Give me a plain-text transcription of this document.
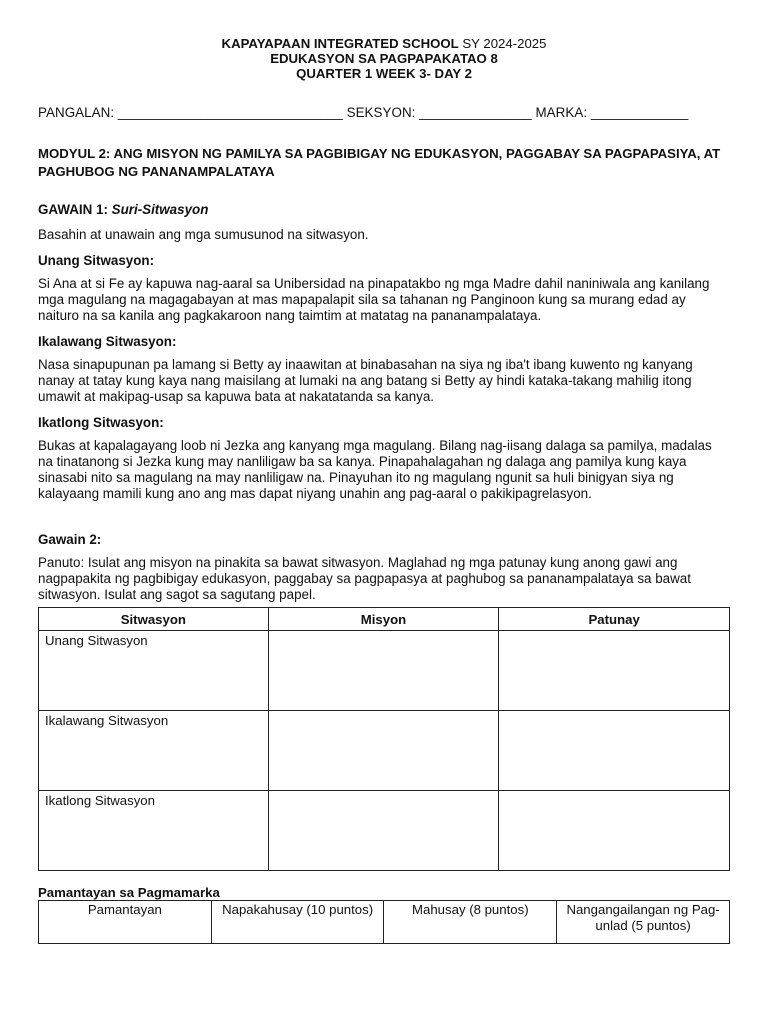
KAPAYAPAAN INTEGRATED SCHOOL SY 2024-2025
EDUKASYON SA PAGPAPAKATAO 8
QUARTER 1 WEEK 3- DAY 2
PANGALAN: ______________________________ SEKSYON: _______________ MARKA: _____________
MODYUL 2: ANG MISYON NG PAMILYA SA PAGBIBIGAY NG EDUKASYON, PAGGABAY SA PAGPAPASIYA, AT PAGHUBOG NG PANANAMPALATAYA
GAWAIN 1: Suri-Sitwasyon

Basahin at unawain ang mga sumusunod na sitwasyon.

Unang Sitwasyon:

Si Ana at si Fe ay kapuwa nag-aaral sa Unibersidad na pinapatakbo ng mga Madre dahil naniniwala ang kanilang mga magulang na magagabayan at mas mapapalapit sila sa tahanan ng Panginoon kung sa murang edad ay naituro na sa kanila ang pagkakaroon nang taimtim at matatag na pananampalataya.

Ikalawang Sitwasyon:

Nasa sinapupunan pa lamang si Betty ay inaawitan at binabasahan na siya ng iba't ibang kuwento ng kanyang nanay at tatay kung kaya nang maisilang at lumaki na ang batang si Betty ay hindi kataka-takang mahilig itong umawit at makipag-usap sa kapuwa bata at nakatatanda sa kanya.

Ikatlong Sitwasyon:

Bukas at kapalagayang loob ni Jezka ang kanyang mga magulang. Bilang nag-iisang dalaga sa pamilya, madalas na tinatanong si Jezka kung may nanliligaw ba sa kanya. Pinapahalagahan ng dalaga ang pamilya kung kaya sinasabi nito sa magulang na may nanliligaw na. Pinayuhan ito ng magulang ngunit sa huli binigyan siya ng kalayaang mamili kung ano ang mas dapat niyang unahin ang pag-aaral o pakikipagrelasyon.

Gawain 2:

Panuto: Isulat ang misyon na pinakita sa bawat sitwasyon. Maglahad ng mga patunay kung anong gawi ang nagpapakita ng pagbibigay edukasyon, paggabay sa pagpapasya at paghubog sa pananampalataya sa bawat sitwasyon. Isulat ang sagot sa sagutang papel.

Sitwasyon	Misyon	Patunay
Unang Sitwasyon		
Ikalawang Sitwasyon		
Ikatlong Sitwasyon		
Pamantayan sa Pagmamarka
Pamantayan	Napakahusay (10 puntos)	Mahusay (8 puntos)	Nangangailangan ng Pag-unlad (5 puntos)
